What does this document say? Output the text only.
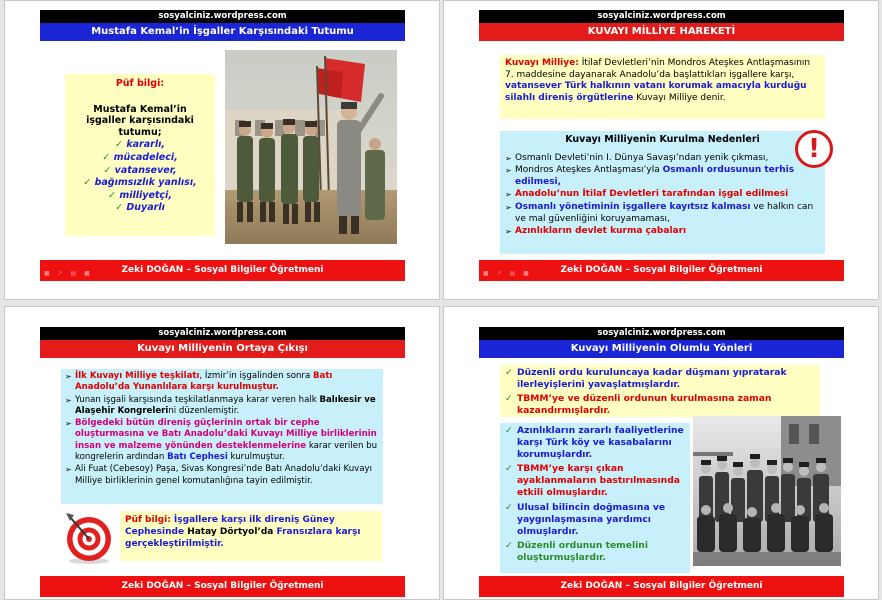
sosyalciniz.wordpress.com
Mustafa Kemal’in İşgaller Karşısındaki Tutumu
Püf bilgi:
Mustafa Kemal’in işgaller karşısındaki tutumu;
✓ kararlı,
✓ mücadeleci,
✓ vatansever,
✓ bağımsızlık yanlısı,
✓ milliyetçi,
✓ Duyarlı
Zeki DOĞAN – Sosyal Bilgiler Öğretmeni
■ ↗ ▤ ■
sosyalciniz.wordpress.com
KUVAYI MİLLİYE HAREKETİ
Kuvayı Milliye: İtilaf Devletleri’nin Mondros Ateşkes Antlaşmasının 7. maddesine dayanarak Anadolu’da başlattıkları işgallere karşı, vatansever Türk halkının vatanı korumak amacıyla kurduğu silahlı direniş örgütlerine Kuvayı Milliye denir.
Kuvayı Milliyenin Kurulma Nedenleri
➢ Osmanlı Devleti’nin I. Dünya Savaşı’ndan yenik çıkması,
➢ Mondros Ateşkes Antlaşması’yla Osmanlı ordusunun terhis edilmesi,
➢ Anadolu’nun İtilaf Devletleri tarafından işgal edilmesi
➢ Osmanlı yönetiminin işgallere kayıtsız kalması ve halkın can ve mal güvenliğini koruyamaması,
➢ Azınlıkların devlet kurma çabaları
!
Zeki DOĞAN – Sosyal Bilgiler Öğretmeni
■ ↗ ▤ ■
sosyalciniz.wordpress.com
Kuvayı Milliyenin Ortaya Çıkışı
➢ İlk Kuvayı Milliye teşkilatı, İzmir’in işgalinden sonra Batı Anadolu’da Yunanlılara karşı kurulmuştur.
➢ Yunan işgali karşısında teşkilatlanmaya karar veren halk Balıkesir ve Alaşehir Kongrelerini düzenlemiştir.
➢ Bölgedeki bütün direniş güçlerinin ortak bir cephe oluşturmasına ve Batı Anadolu’daki Kuvayı Milliye birliklerinin insan ve malzeme yönünden desteklenmelerine karar verilen bu kongrelerin ardından Batı Cephesi kurulmuştur.
➢ Ali Fuat (Cebesoy) Paşa, Sivas Kongresi’nde Batı Anadolu’daki Kuvayı Milliye birliklerinin genel komutanlığına tayin edilmiştir.
Püf bilgi: İşgallere karşı ilk direniş Güney Cephesinde Hatay Dörtyol’da Fransızlara karşı gerçekleştirilmiştir.
Zeki DOĞAN – Sosyal Bilgiler Öğretmeni
sosyalciniz.wordpress.com
Kuvayı Milliyenin Olumlu Yönleri
✓ Düzenli ordu kuruluncaya kadar düşmanı yıpratarak ilerleyişlerini yavaşlatmışlardır.
✓ TBMM’ye ve düzenli ordunun kurulmasına zaman kazandırmışlardır.
✓ Azınlıkların zararlı faaliyetlerine karşı Türk köy ve kasabalarını korumuşlardır.
✓ TBMM’ye karşı çıkan ayaklanmaların bastırılmasında etkili olmuşlardır.
✓ Ulusal bilincin doğmasına ve yaygınlaşmasına yardımcı olmuşlardır.
✓ Düzenli ordunun temelini oluşturmuşlardır.
Zeki DOĞAN – Sosyal Bilgiler Öğretmeni
